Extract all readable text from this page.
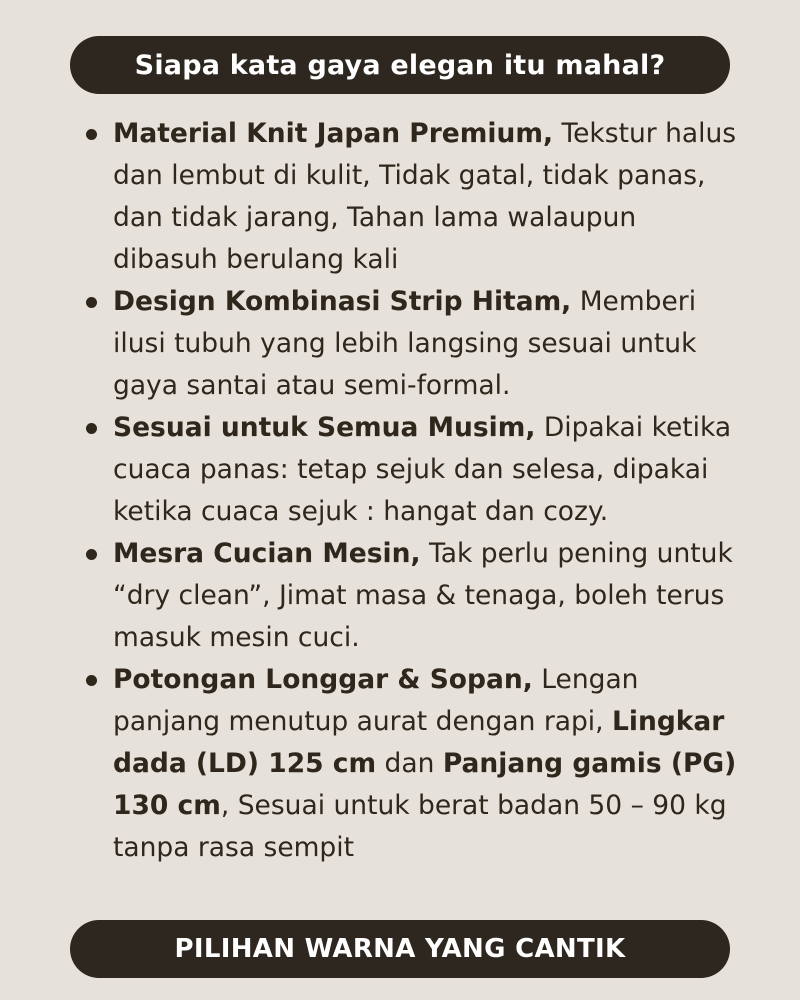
Siapa kata gaya elegan itu mahal?
Material Knit Japan Premium, Tekstur halus dan lembut di kulit, Tidak gatal, tidak panas, dan tidak jarang, Tahan lama walaupun dibasuh berulang kali
Design Kombinasi Strip Hitam, Memberi ilusi tubuh yang lebih langsing sesuai untuk gaya santai atau semi-formal.
Sesuai untuk Semua Musim, Dipakai ketika cuaca panas: tetap sejuk dan selesa, dipakai ketika cuaca sejuk : hangat dan cozy.
Mesra Cucian Mesin, Tak perlu pening untuk “dry clean”, Jimat masa & tenaga, boleh terus masuk mesin cuci.
Potongan Longgar & Sopan, Lengan panjang menutup aurat dengan rapi, Lingkar dada (LD) 125 cm dan Panjang gamis (PG) 130 cm, Sesuai untuk berat badan 50 – 90 kg tanpa rasa sempit
PILIHAN WARNA YANG CANTIK
